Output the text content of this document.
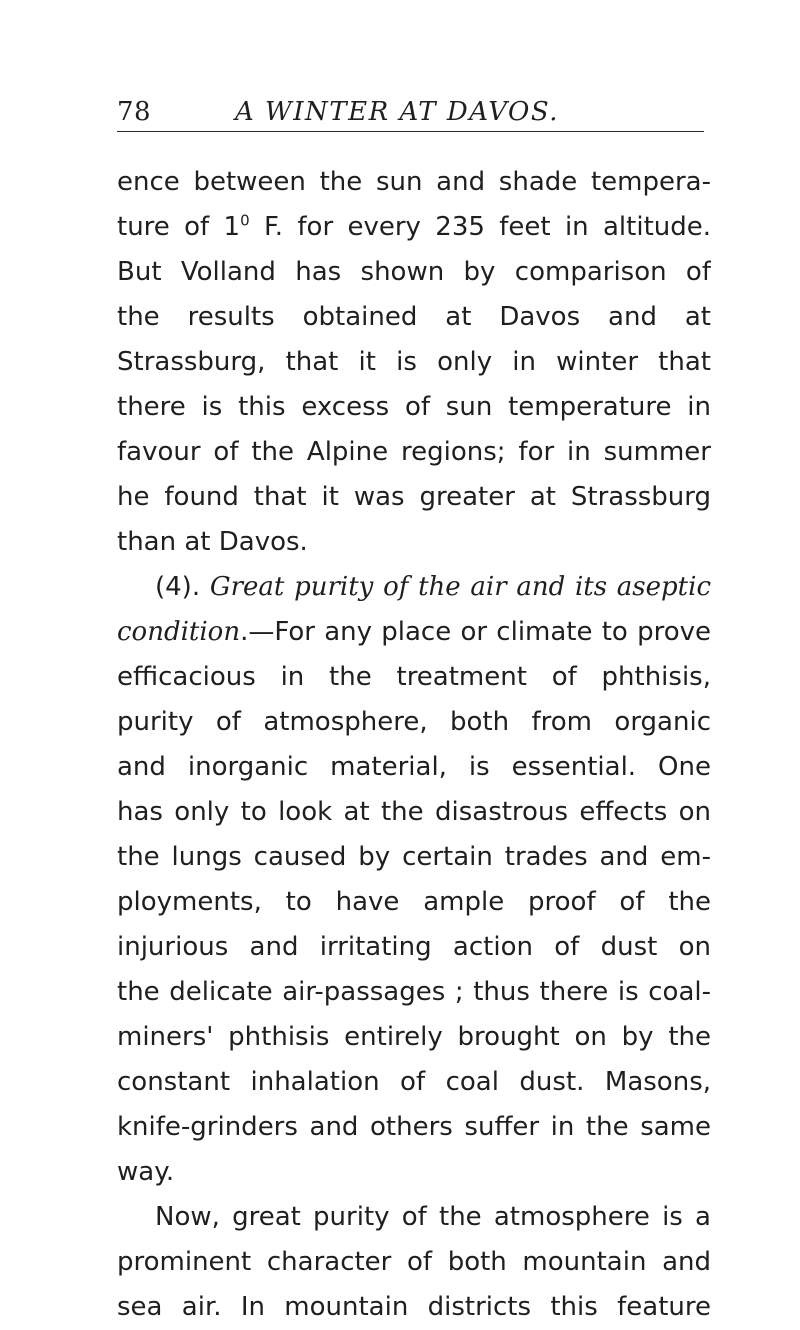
78	A WINTER AT DAVOS.
ence between the sun and shade tempera-
ture of $1^0$ F. for every 235 feet in altitude.
But Volland has shown by comparison of
the results obtained at Davos and at
Strassburg, that it is only in winter that
there is this excess of sun temperature in
favour of the Alpine regions; for in summer
he found that it was greater at Strassburg
than at Davos.
(4). Great purity of the air and its aseptic
condition.—For any place or climate to prove
efficacious in the treatment of phthisis,
purity of atmosphere, both from organic
and inorganic material, is essential. One
has only to look at the disastrous effects on
the lungs caused by certain trades and em-
ployments, to have ample proof of the
injurious and irritating action of dust on
the delicate air-passages ; thus there is coal-
miners' phthisis entirely brought on by the
constant inhalation of coal dust. Masons,
knife-grinders and others suffer in the same
way.
Now, great purity of the atmosphere is a
prominent character of both mountain and
sea air. In mountain districts this feature
